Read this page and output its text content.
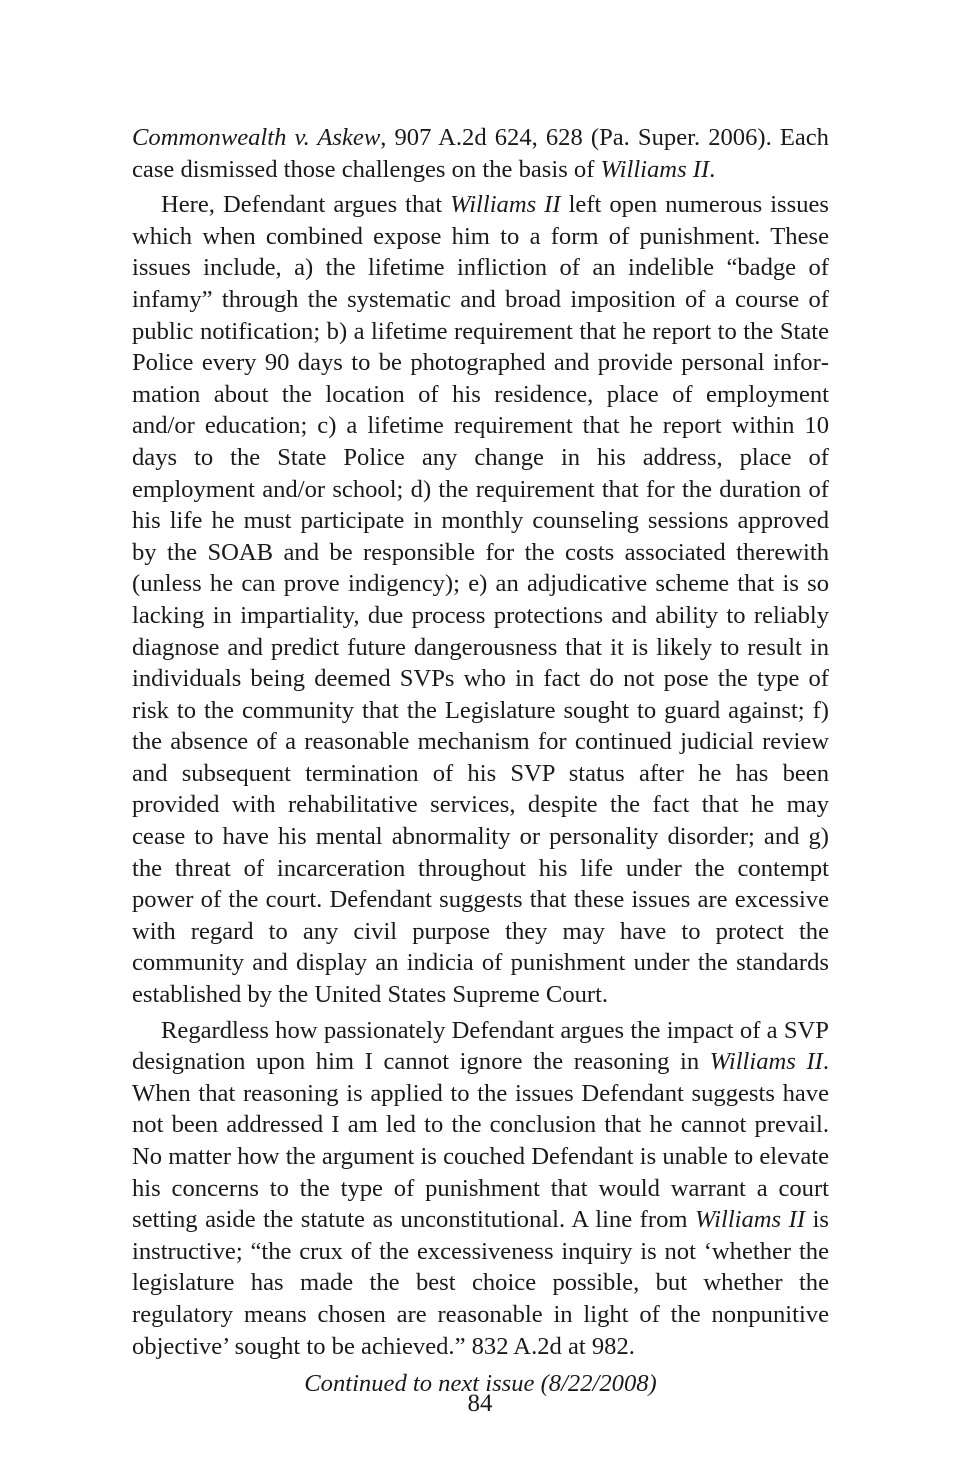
Commonwealth v. Askew, 907 A.2d 624, 628 (Pa. Super. 2006). Each case dismissed those challenges on the basis of Williams II.

Here, Defendant argues that Williams II left open numerous issues which when combined expose him to a form of punishment. These issues include, a) the lifetime infliction of an indelible “badge of infamy” through the systematic and broad imposition of a course of public notification; b) a lifetime requirement that he report to the State Police every 90 days to be photographed and provide personal information about the location of his residence, place of employment and/or education; c) a lifetime requirement that he report within 10 days to the State Police any change in his address, place of employment and/or school; d) the requirement that for the duration of his life he must participate in monthly counseling sessions approved by the SOAB and be responsible for the costs associated therewith (unless he can prove indigency); e) an adjudicative scheme that is so lacking in impartiality, due process protections and ability to reliably diagnose and predict future dangerousness that it is likely to result in individuals being deemed SVPs who in fact do not pose the type of risk to the community that the Legislature sought to guard against; f) the absence of a reasonable mechanism for continued judicial review and subsequent termination of his SVP status after he has been provided with rehabilitative services, despite the fact that he may cease to have his mental abnormality or personality disorder; and g) the threat of incarceration throughout his life under the contempt power of the court. Defendant suggests that these issues are excessive with regard to any civil purpose they may have to protect the community and display an indicia of punishment under the standards established by the United States Supreme Court.

Regardless how passionately Defendant argues the impact of a SVP designation upon him I cannot ignore the reasoning in Williams II. When that reasoning is applied to the issues Defendant suggests have not been addressed I am led to the conclusion that he cannot prevail. No matter how the argument is couched Defendant is unable to elevate his concerns to the type of punishment that would warrant a court setting aside the statute as unconstitutional. A line from Williams II is instructive; “the crux of the excessiveness inquiry is not ‘whether the legislature has made the best choice possible, but whether the regulatory means chosen are reasonable in light of the nonpunitive objective’ sought to be achieved.” 832 A.2d at 982.

Continued to next issue (8/22/2008)

84
